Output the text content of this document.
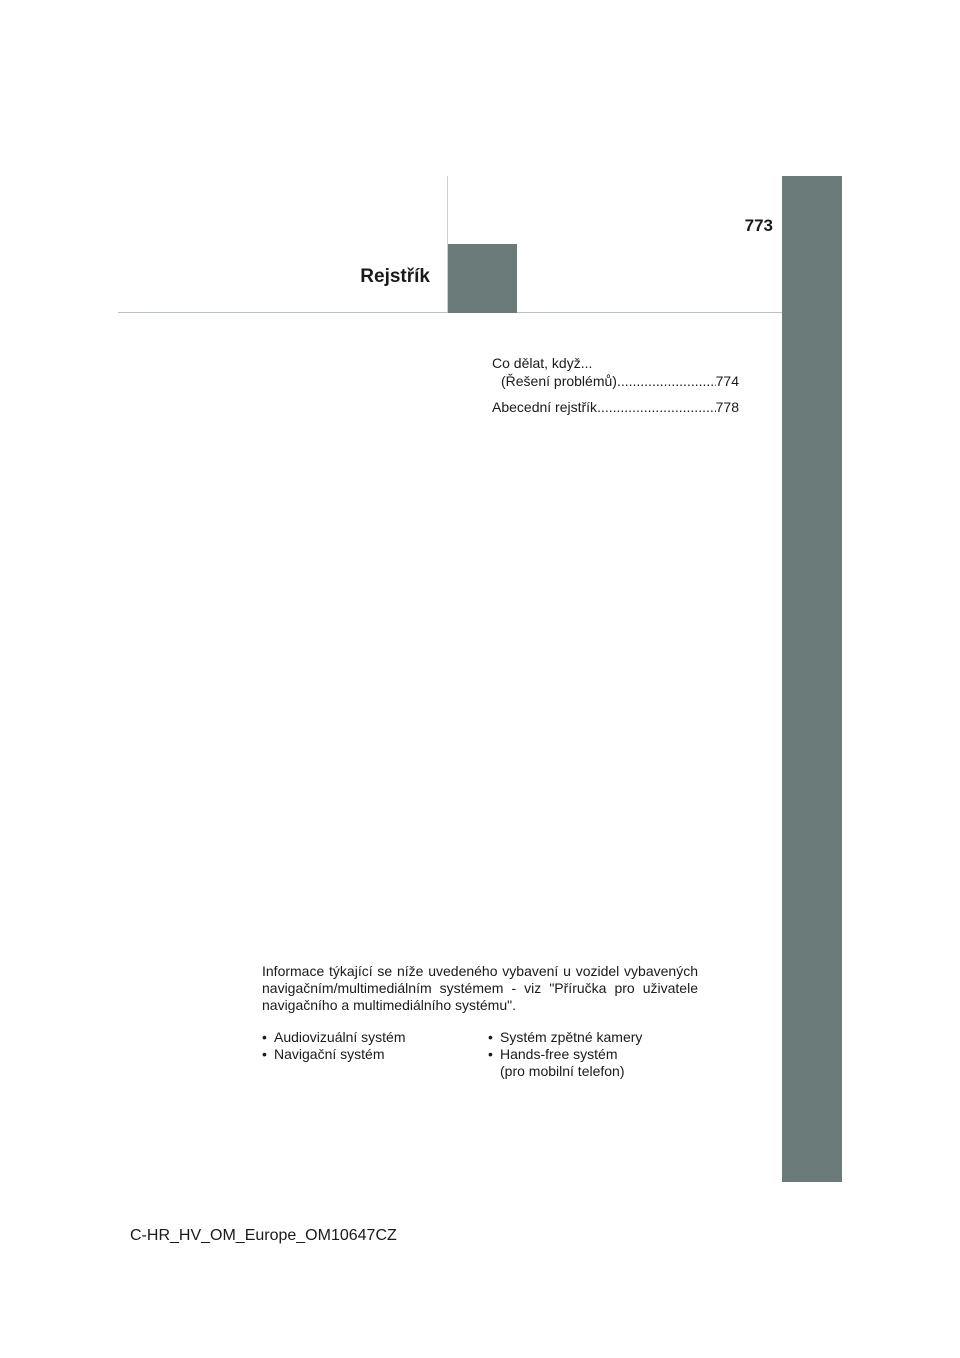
773
Rejstřík
Co dělat, když...
(Řešení problémů) .....	774
Abecední rejstřík .....	778
Informace týkající se níže uvedeného vybavení u vozidel vybavených navigačním/multimediálním systémem - viz "Příručka pro uživatele navigačního a multimediálního systému".
• Audiovizuální systém
• Navigační systém
• Systém zpětné kamery
• Hands-free systém
(pro mobilní telefon)
C-HR_HV_OM_Europe_OM10647CZ
